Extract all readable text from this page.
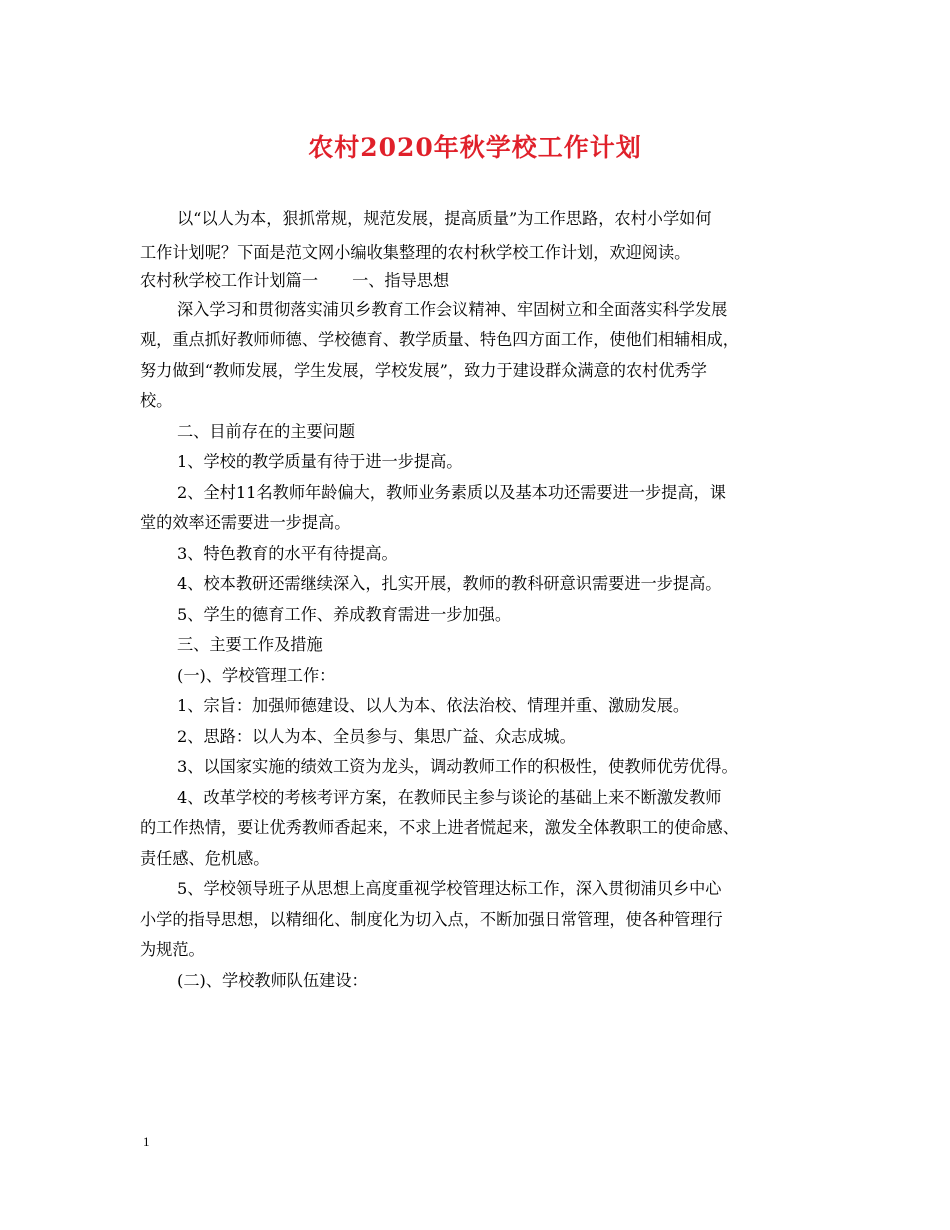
农村2020年秋学校工作计划

以“以人为本，狠抓常规，规范发展，提高质量”为工作思路，农村小学如何

工作计划呢？下面是范文网小编收集整理的农村秋学校工作计划，欢迎阅读。

农村秋学校工作计划篇一 一、指导思想

深入学习和贯彻落实浦贝乡教育工作会议精神、牢固树立和全面落实科学发展

观，重点抓好教师师德、学校德育、教学质量、特色四方面工作，使他们相辅相成，

努力做到“教师发展，学生发展，学校发展”，致力于建设群众满意的农村优秀学

校。

二、目前存在的主要问题

1、学校的教学质量有待于进一步提高。

2、全村11名教师年龄偏大，教师业务素质以及基本功还需要进一步提高，课

堂的效率还需要进一步提高。

3、特色教育的水平有待提高。

4、校本教研还需继续深入，扎实开展，教师的教科研意识需要进一步提高。

5、学生的德育工作、养成教育需进一步加强。

三、主要工作及措施

(一)、学校管理工作：

1、宗旨：加强师德建设、以人为本、依法治校、情理并重、激励发展。

2、思路：以人为本、全员参与、集思广益、众志成城。

3、以国家实施的绩效工资为龙头，调动教师工作的积极性，使教师优劳优得。

4、改革学校的考核考评方案，在教师民主参与谈论的基础上来不断激发教师

的工作热情，要让优秀教师香起来，不求上进者慌起来，激发全体教职工的使命感、

责任感、危机感。

5、学校领导班子从思想上高度重视学校管理达标工作，深入贯彻浦贝乡中心

小学的指导思想，以精细化、制度化为切入点，不断加强日常管理，使各种管理行

为规范。

(二)、学校教师队伍建设：

1
